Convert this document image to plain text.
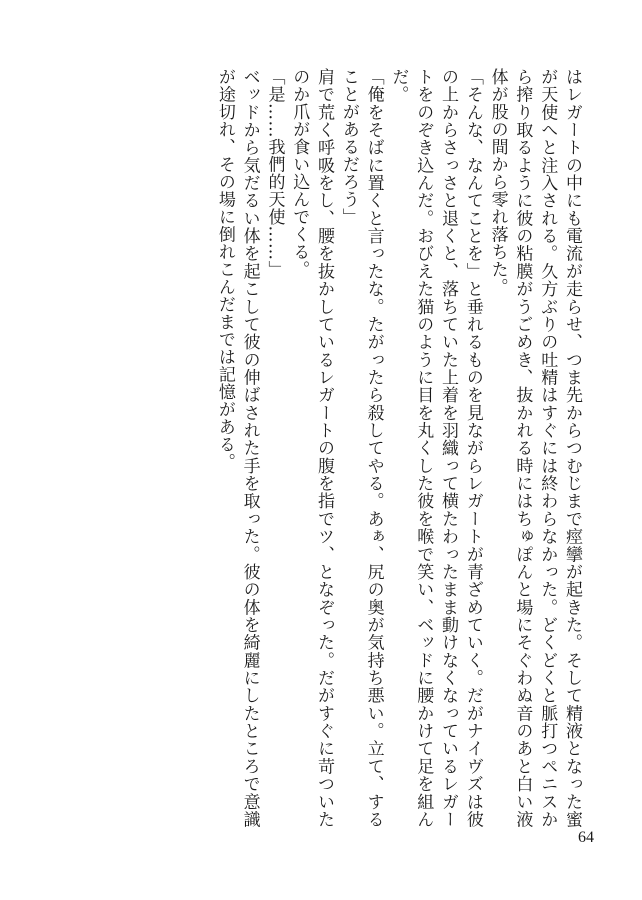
はレガートの中にも電流が走らせ、つま先からつむじまで痙攣が起きた。そして精液となった蜜が天使へと注入される。久方ぶりの吐精はすぐには終わらなかった。どくどくと脈打つペニスから搾り取るように彼の粘膜がうごめき、抜かれる時にはちゅぽんと場にそぐわぬ音のあと白い液体が股の間から零れ落ちた。

「そんな、なんてことを」と垂れるものを見ながらレガートが青ざめていく。だがナイヴズは彼の上からさっさと退くと、落ちていた上着を羽織って横たわったまま動けなくなっているレガートをのぞき込んだ。おびえた猫のように目を丸くした彼を喉で笑い、ベッドに腰かけて足を組んだ。

「俺をそばに置くと言ったな。たがったら殺してやる。あぁ、尻の奥が気持ち悪い。立て、することがあるだろう」

肩で荒く呼吸をし、腰を抜かしているレガートの腹を指でツ、となぞった。だがすぐに苛ついたのか爪が食い込んでくる。

「是……我們的天使……」

ベッドから気だるい体を起こして彼の伸ばされた手を取った。彼の体を綺麗にしたところで意識が途切れ、その場に倒れこんだまでは記憶がある。

64
